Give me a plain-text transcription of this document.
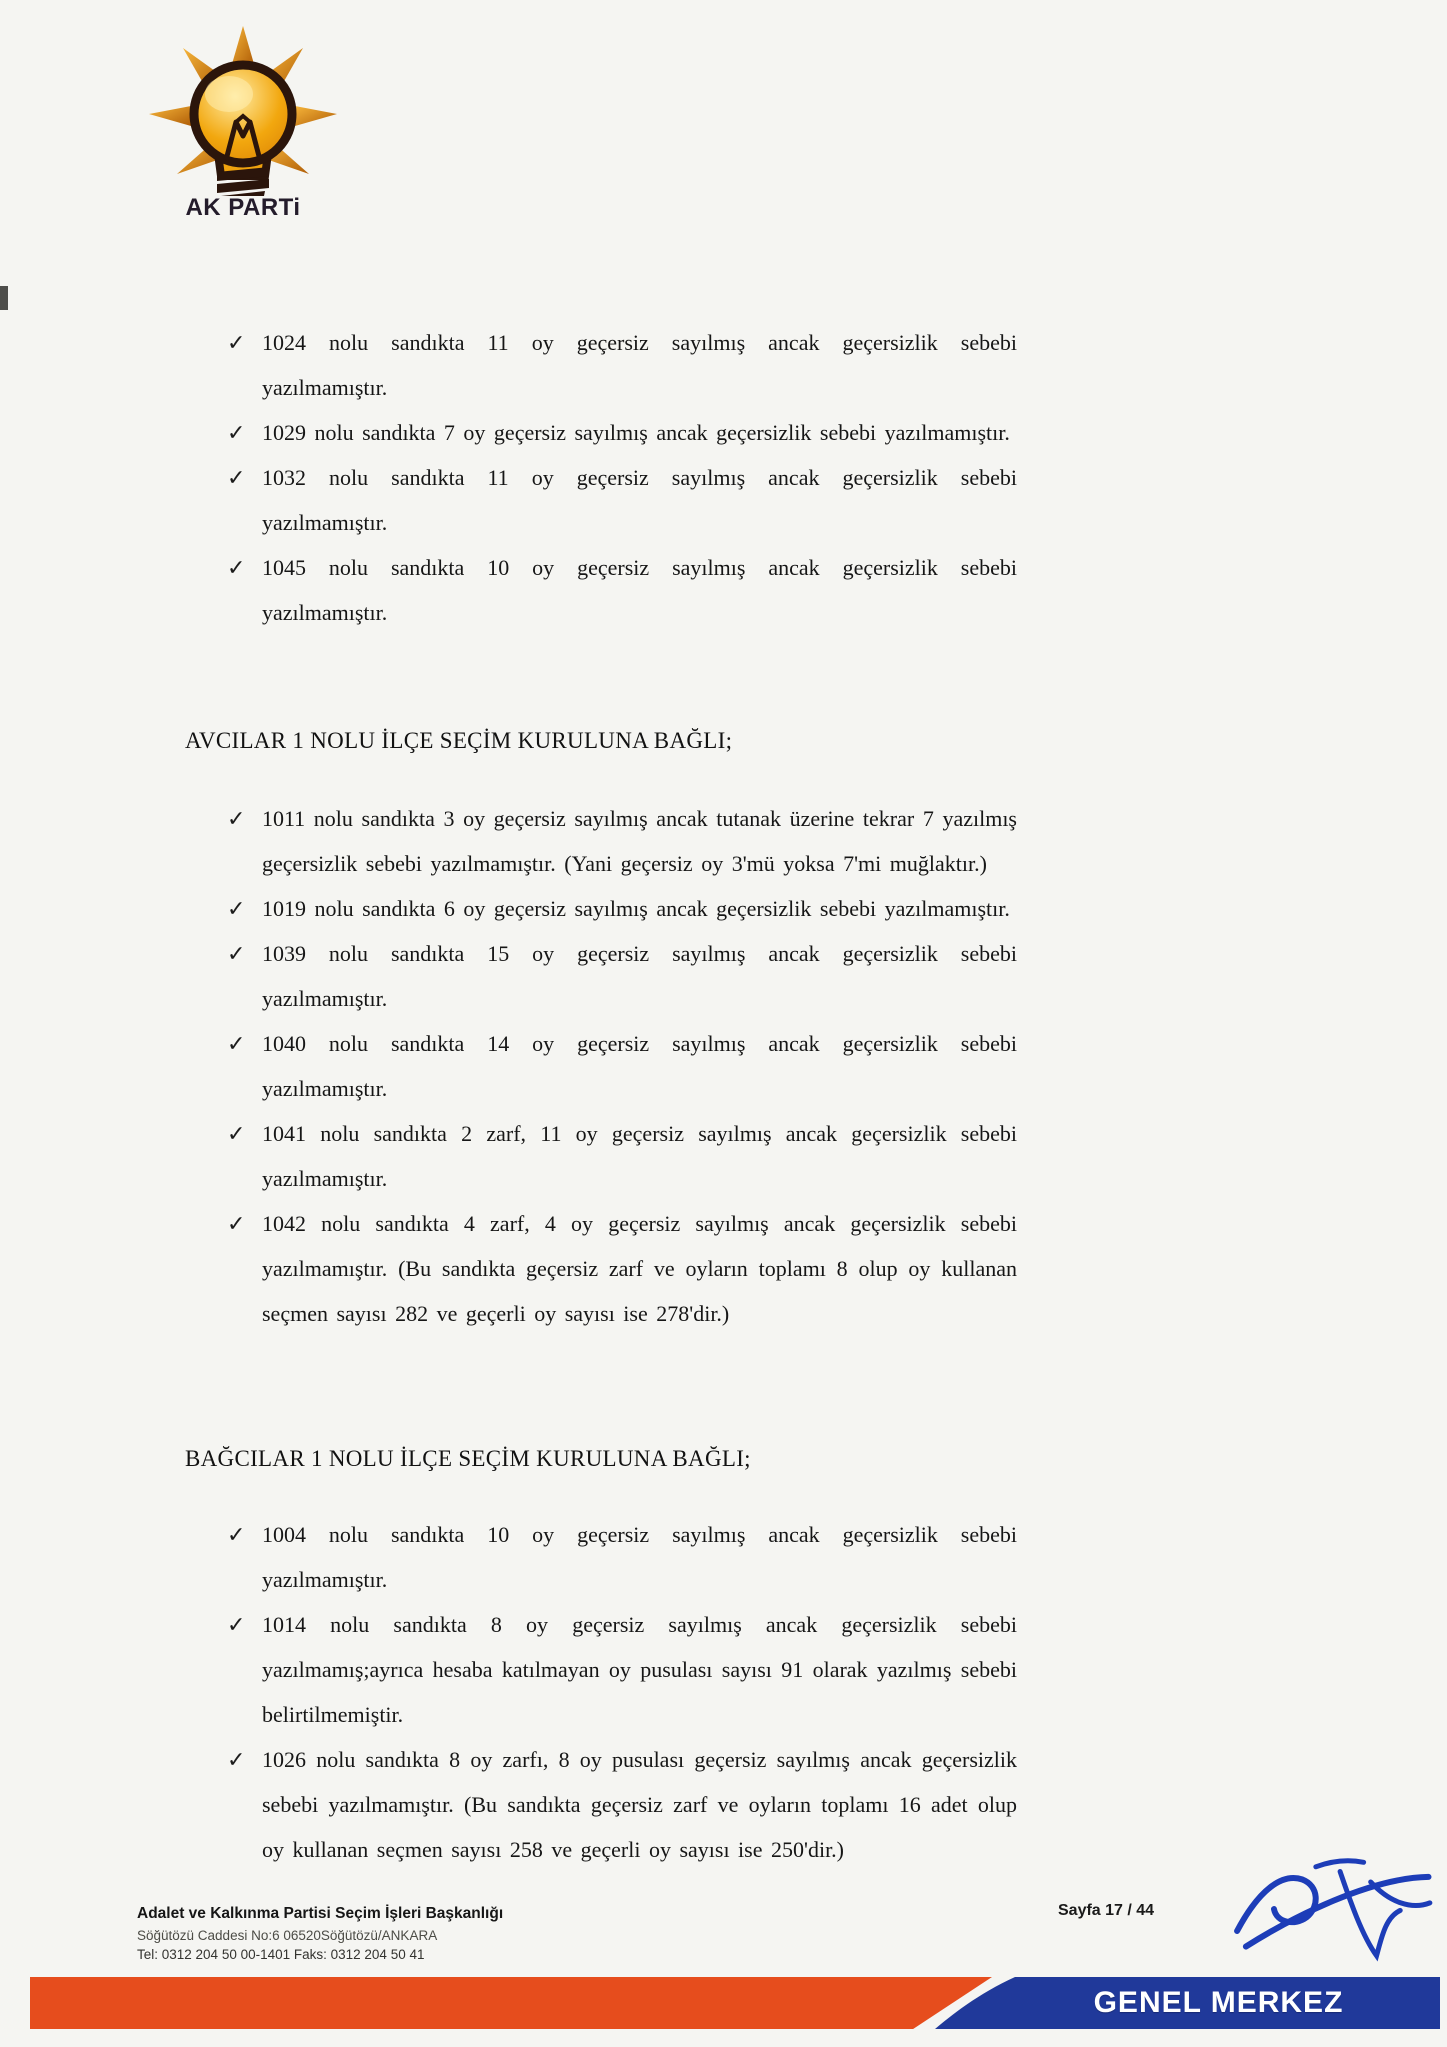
AK PARTi
✓ 1024 nolu sandıkta 11 oy geçersiz sayılmış ancak geçersizlik sebebi yazılmamıştır.
✓ 1029 nolu sandıkta 7 oy geçersiz sayılmış ancak geçersizlik sebebi yazılmamıştır.
✓ 1032 nolu sandıkta 11 oy geçersiz sayılmış ancak geçersizlik sebebi yazılmamıştır.
✓ 1045 nolu sandıkta 10 oy geçersiz sayılmış ancak geçersizlik sebebi yazılmamıştır.
AVCILAR 1 NOLU İLÇE SEÇİM KURULUNA BAĞLI;
✓ 1011 nolu sandıkta 3 oy geçersiz sayılmış ancak tutanak üzerine tekrar 7 yazılmış geçersizlik sebebi yazılmamıştır. (Yani geçersiz oy 3'mü yoksa 7'mi muğlaktır.)
✓ 1019 nolu sandıkta 6 oy geçersiz sayılmış ancak geçersizlik sebebi yazılmamıştır.
✓ 1039 nolu sandıkta 15 oy geçersiz sayılmış ancak geçersizlik sebebi yazılmamıştır.
✓ 1040 nolu sandıkta 14 oy geçersiz sayılmış ancak geçersizlik sebebi yazılmamıştır.
✓ 1041 nolu sandıkta 2 zarf, 11 oy geçersiz sayılmış ancak geçersizlik sebebi yazılmamıştır.
✓ 1042 nolu sandıkta 4 zarf, 4 oy geçersiz sayılmış ancak geçersizlik sebebi yazılmamıştır. (Bu sandıkta geçersiz zarf ve oyların toplamı 8 olup oy kullanan seçmen sayısı 282 ve geçerli oy sayısı ise 278'dir.)
BAĞCILAR 1 NOLU İLÇE SEÇİM KURULUNA BAĞLI;
✓ 1004 nolu sandıkta 10 oy geçersiz sayılmış ancak geçersizlik sebebi yazılmamıştır.
✓ 1014 nolu sandıkta 8 oy geçersiz sayılmış ancak geçersizlik sebebi yazılmamış;ayrıca hesaba katılmayan oy pusulası sayısı 91 olarak yazılmış sebebi belirtilmemiştir.
✓ 1026 nolu sandıkta 8 oy zarfı, 8 oy pusulası geçersiz sayılmış ancak geçersizlik sebebi yazılmamıştır. (Bu sandıkta geçersiz zarf ve oyların toplamı 16 adet olup oy kullanan seçmen sayısı 258 ve geçerli oy sayısı ise 250'dir.)
Adalet ve Kalkınma Partisi Seçim İşleri Başkanlığı
Söğütözü Caddesi No:6 06520Söğütözü/ANKARA
Tel: 0312 204 50 00-1401 Faks: 0312 204 50 41
Sayfa 17 / 44
GENEL MERKEZ
